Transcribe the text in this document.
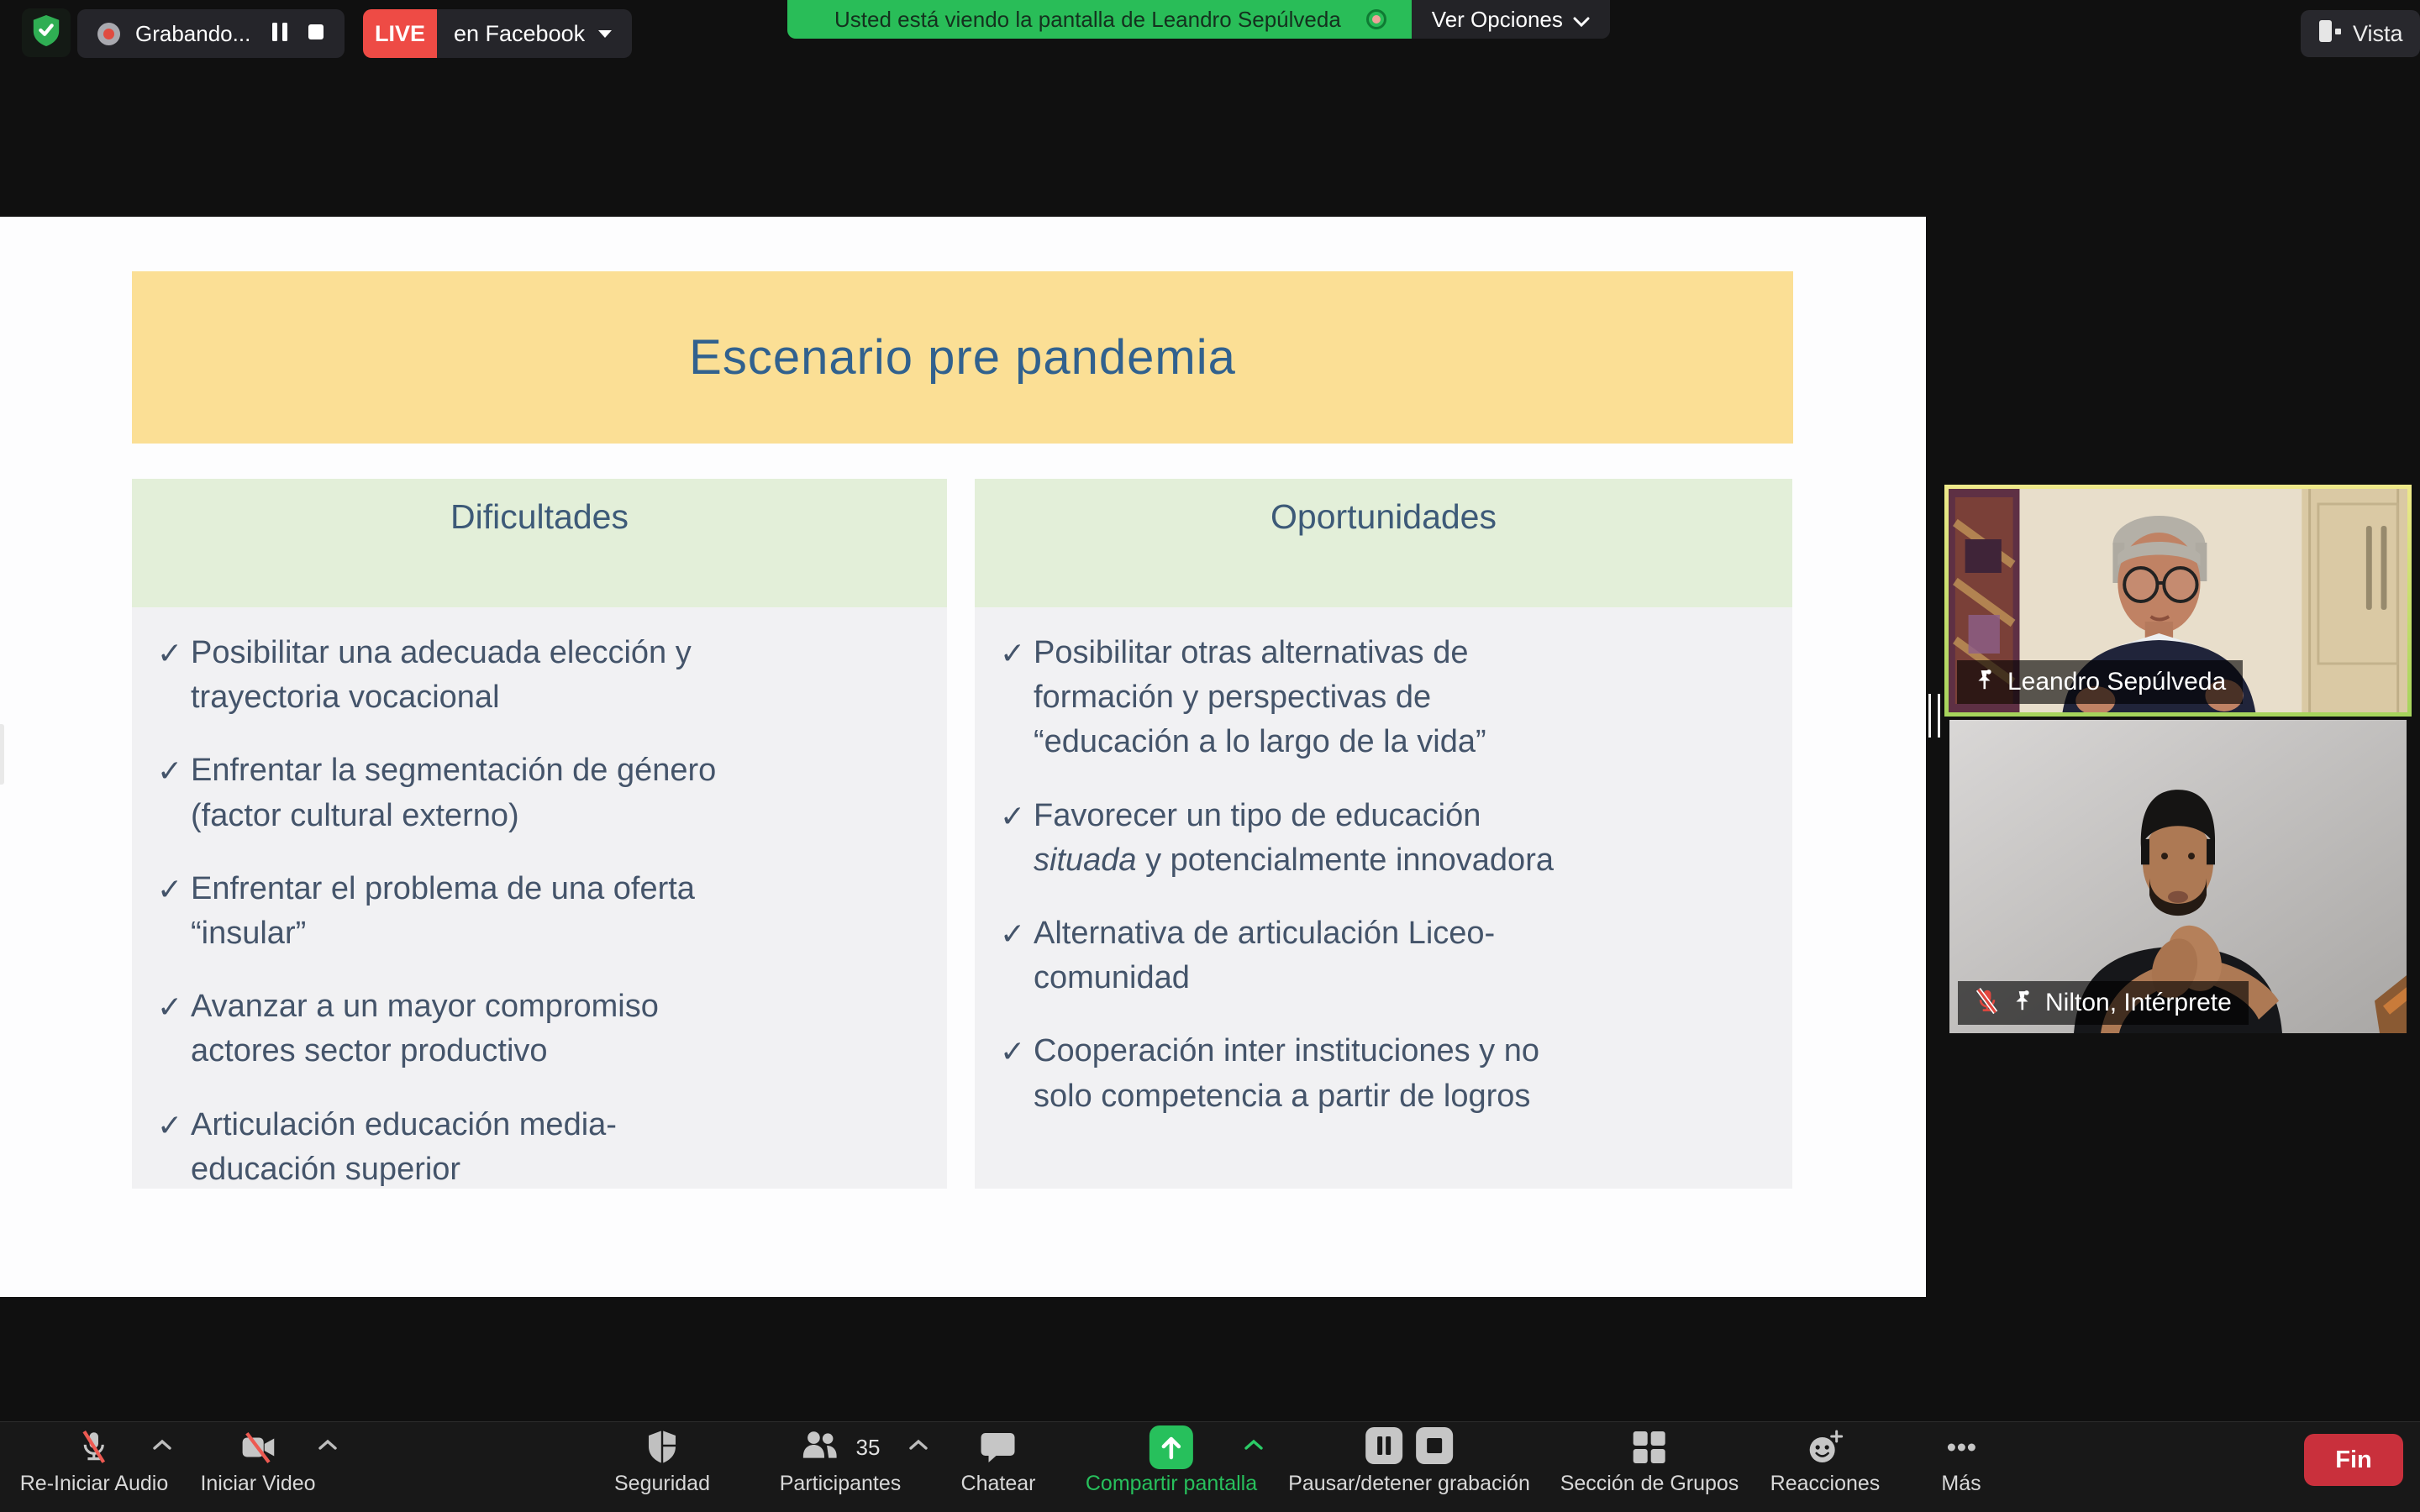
Grabando...	LIVE	en Facebook
Usted está viendo la pantalla de Leandro Sepúlveda	Ver Opciones
Vista
Escenario pre pandemia
Dificultades
✓ Posibilitar una adecuada elección y
trayectoria vocacional
✓ Enfrentar la segmentación de género
(factor cultural externo)
✓ Enfrentar el problema de una oferta
“insular”
✓ Avanzar a un mayor compromiso
actores sector productivo
✓ Articulación educación media-
educación superior
Oportunidades
✓ Posibilitar otras alternativas de
formación y perspectivas de
“educación a lo largo de la vida”
✓ Favorecer un tipo de educación
situada y potencialmente innovadora
✓ Alternativa de articulación Liceo-
comunidad
✓ Cooperación inter instituciones y no
solo competencia a partir de logros
Leandro Sepúlveda
Nilton, Intérprete
Re-Iniciar Audio Iniciar Video	Seguridad
35
Participantes	Chatear Compartir pantalla Pausar/detener grabación Sección de Grupos Reacciones	Más
Fin
